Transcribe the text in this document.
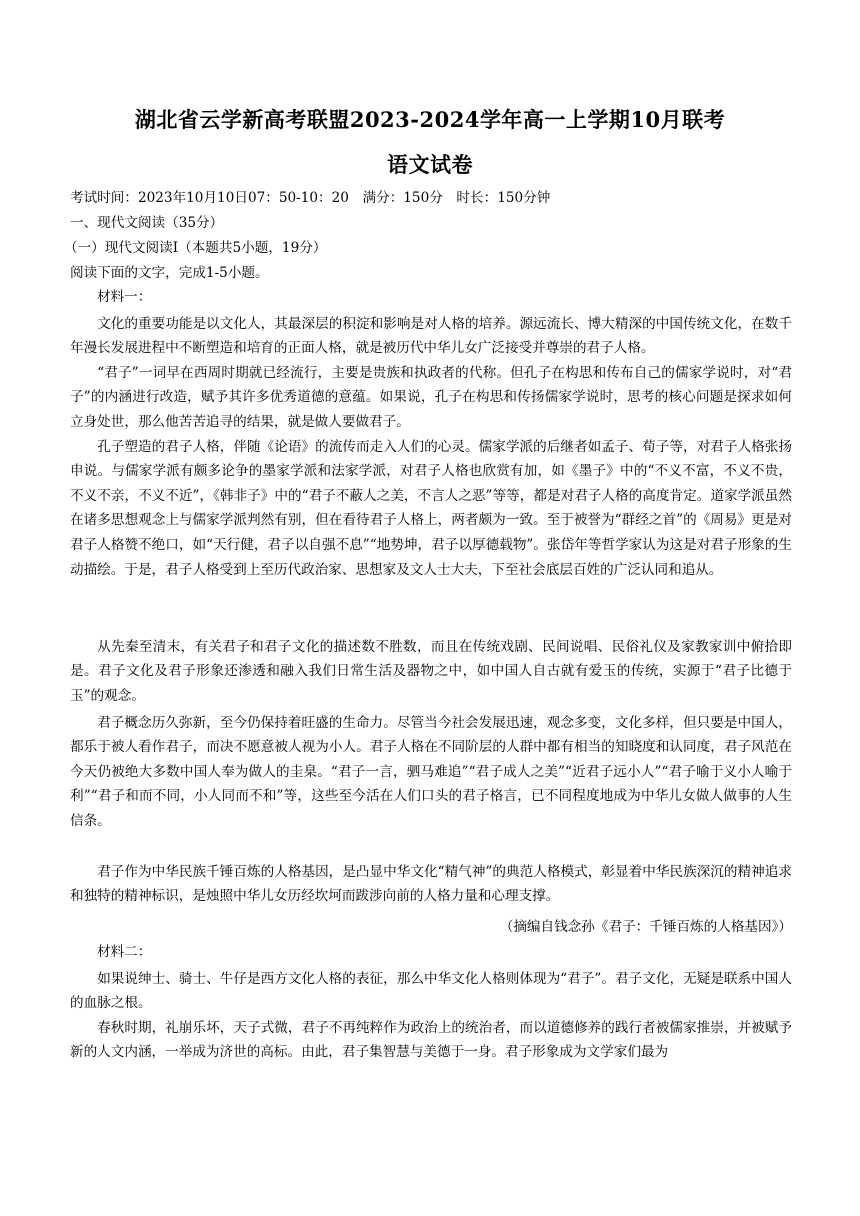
湖北省云学新高考联盟2023-2024学年高一上学期10月联考
语文试卷
考试时间：2023年10月10日07：50-10：20　满分：150分　时长：150分钟
一、现代文阅读（35分）
（一）现代文阅读Ⅰ（本题共5小题，19分）
阅读下面的文字，完成1-5小题。
材料一：

文化的重要功能是以文化人，其最深层的积淀和影响是对人格的培养。源远流长、博大精深的中国传统文化，在数千年漫长发展进程中不断塑造和培育的正面人格，就是被历代中华儿女广泛接受并尊崇的君子人格。

“君子”一词早在西周时期就已经流行，主要是贵族和执政者的代称。但孔子在构思和传布自己的儒家学说时，对“君子”的内涵进行改造，赋予其许多优秀道德的意蕴。如果说，孔子在构思和传扬儒家学说时，思考的核心问题是探求如何立身处世，那么他苦苦追寻的结果，就是做人要做君子。

孔子塑造的君子人格，伴随《论语》的流传而走入人们的心灵。儒家学派的后继者如孟子、荀子等，对君子人格张扬申说。与儒家学派有颇多论争的墨家学派和法家学派，对君子人格也欣赏有加，如《墨子》中的“不义不富，不义不贵，不义不亲，不义不近”，《韩非子》中的“君子不蔽人之美，不言人之恶”等等，都是对君子人格的高度肯定。道家学派虽然在诸多思想观念上与儒家学派判然有别，但在看待君子人格上，两者颇为一致。至于被誉为“群经之首”的《周易》更是对君子人格赞不绝口，如“天行健，君子以自强不息”“地势坤，君子以厚德载物”。张岱年等哲学家认为这是对君子形象的生动描绘。于是，君子人格受到上至历代政治家、思想家及文人士大夫，下至社会底层百姓的广泛认同和追从。

从先秦至清末，有关君子和君子文化的描述数不胜数，而且在传统戏剧、民间说唱、民俗礼仪及家教家训中俯拾即是。君子文化及君子形象还渗透和融入我们日常生活及器物之中，如中国人自古就有爱玉的传统，实源于“君子比德于玉”的观念。

君子概念历久弥新，至今仍保持着旺盛的生命力。尽管当今社会发展迅速，观念多变，文化多样，但只要是中国人，都乐于被人看作君子，而决不愿意被人视为小人。君子人格在不同阶层的人群中都有相当的知晓度和认同度，君子风范在今天仍被绝大多数中国人奉为做人的圭臬。“君子一言，驷马难追”“君子成人之美”“近君子远小人”“君子喻于义小人喻于利”“君子和而不同，小人同而不和”等，这些至今活在人们口头的君子格言，已不同程度地成为中华儿女做人做事的人生信条。

君子作为中华民族千锤百炼的人格基因，是凸显中华文化“精气神”的典范人格模式，彰显着中华民族深沉的精神追求和独特的精神标识，是烛照中华儿女历经坎坷而跋涉向前的人格力量和心理支撑。

（摘编自钱念孙《君子：千锤百炼的人格基因》）
材料二：

如果说绅士、骑士、牛仔是西方文化人格的表征，那么中华文化人格则体现为“君子”。君子文化，无疑是联系中国人的血脉之根。

春秋时期，礼崩乐坏，天子式微，君子不再纯粹作为政治上的统治者，而以道德修养的践行者被儒家推崇，并被赋予新的人文内涵，一举成为济世的高标。由此，君子集智慧与美德于一身。君子形象成为文学家们最为
